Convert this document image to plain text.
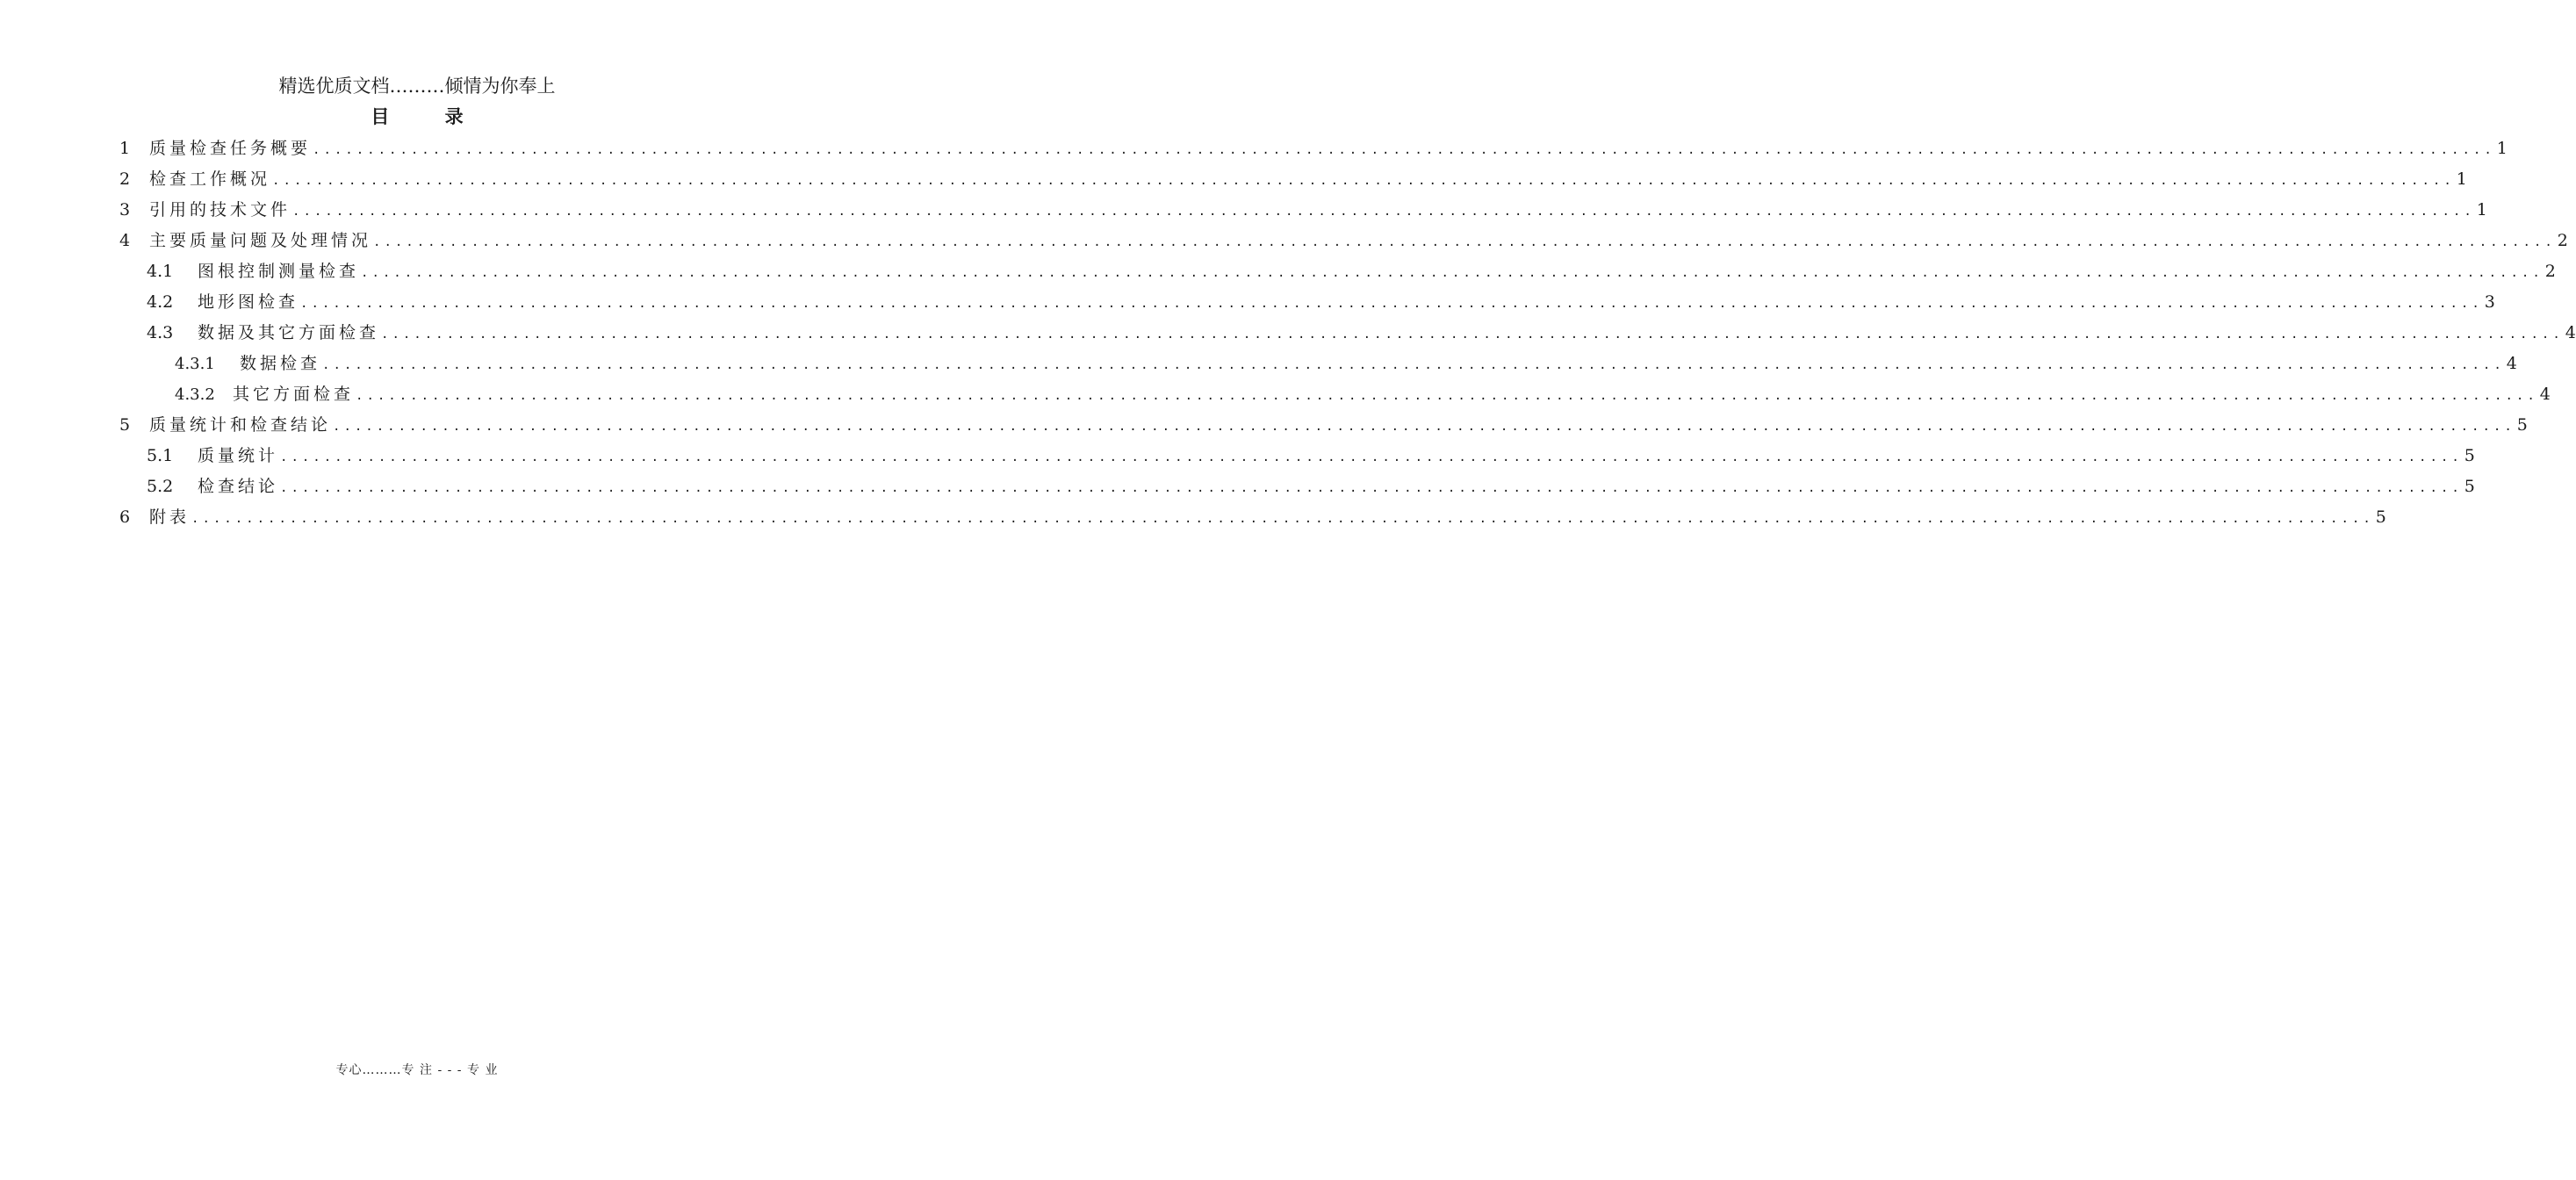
精选优质文档………倾情为你奉上
目 录
1	质量检查任务概要 ........................................................................................................................................................................................................ 1
2	检查工作概况 ........................................................................................................................................................................................................ 1
3	引用的技术文件 ........................................................................................................................................................................................................ 1
4	主要质量问题及处理情况 ........................................................................................................................................................................................................ 2
4.1	图根控制测量检查 ........................................................................................................................................................................................................ 2
4.2	地形图检查 ........................................................................................................................................................................................................ 3
4.3	数据及其它方面检查 ........................................................................................................................................................................................................ 4
4.3.1	数据检查 ........................................................................................................................................................................................................ 4
4.3.2	其它方面检查 ........................................................................................................................................................................................................ 4
5	质量统计和检查结论 ........................................................................................................................................................................................................ 5
5.1	质量统计 ........................................................................................................................................................................................................ 5
5.2	检查结论 ........................................................................................................................................................................................................ 5
6	附表 ........................................................................................................................................................................................................ 5
专心………专 注 - - - 专 业
